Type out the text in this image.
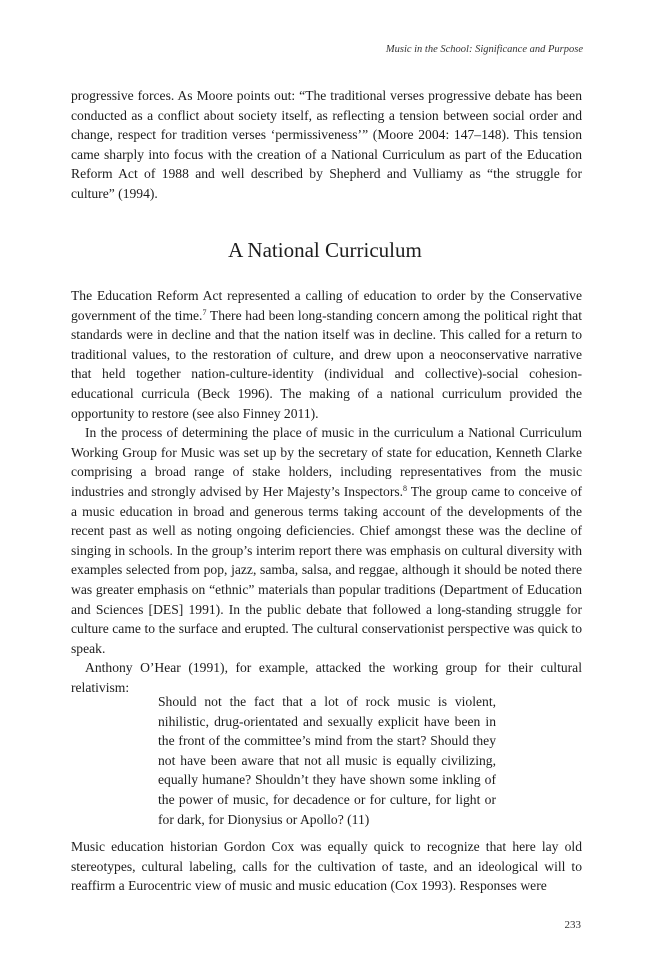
Music in the School: Significance and Purpose

progressive forces. As Moore points out: “The traditional verses progressive debate has been conducted as a conflict about society itself, as reflecting a tension between social order and change, respect for tradition verses ‘permissiveness’” (Moore 2004: 147–148). This tension came sharply into focus with the creation of a National Curriculum as part of the Education Reform Act of 1988 and well described by Shepherd and Vulliamy as “the struggle for culture” (1994).

A National Curriculum

The Education Reform Act represented a calling of education to order by the Conservative government of the time.$^7$ There had been long-standing concern among the political right that standards were in decline and that the nation itself was in decline. This called for a return to traditional values, to the restoration of culture, and drew upon a neoconservative narrative that held together nation-culture-identity (individual and collective)-social cohesion-educational curricula (Beck 1996). The making of a national curriculum provided the opportunity to restore (see also Finney 2011).

In the process of determining the place of music in the curriculum a National Curriculum Working Group for Music was set up by the secretary of state for education, Kenneth Clarke comprising a broad range of stake holders, including representatives from the music industries and strongly advised by Her Majesty’s Inspectors.$^8$ The group came to conceive of a music education in broad and generous terms taking account of the developments of the recent past as well as noting ongoing deficiencies. Chief amongst these was the decline of singing in schools. In the group’s interim report there was emphasis on cultural diversity with examples selected from pop, jazz, samba, salsa, and reggae, although it should be noted there was greater emphasis on “ethnic” materials than popular traditions (Department of Education and Sciences [DES] 1991). In the public debate that followed a long-standing struggle for culture came to the surface and erupted. The cultural conservationist perspective was quick to speak.

Anthony O’Hear (1991), for example, attacked the working group for their cultural relativism:

Should not the fact that a lot of rock music is violent, nihilistic, drug-orientated and sexually explicit have been in the front of the committee’s mind from the start? Should they not have been aware that not all music is equally civilizing, equally humane? Shouldn’t they have shown some inkling of the power of music, for decadence or for culture, for light or for dark, for Dionysius or Apollo? (11)

Music education historian Gordon Cox was equally quick to recognize that here lay old stereotypes, cultural labeling, calls for the cultivation of taste, and an ideological will to reaffirm a Eurocentric view of music and music education (Cox 1993). Responses were

233
